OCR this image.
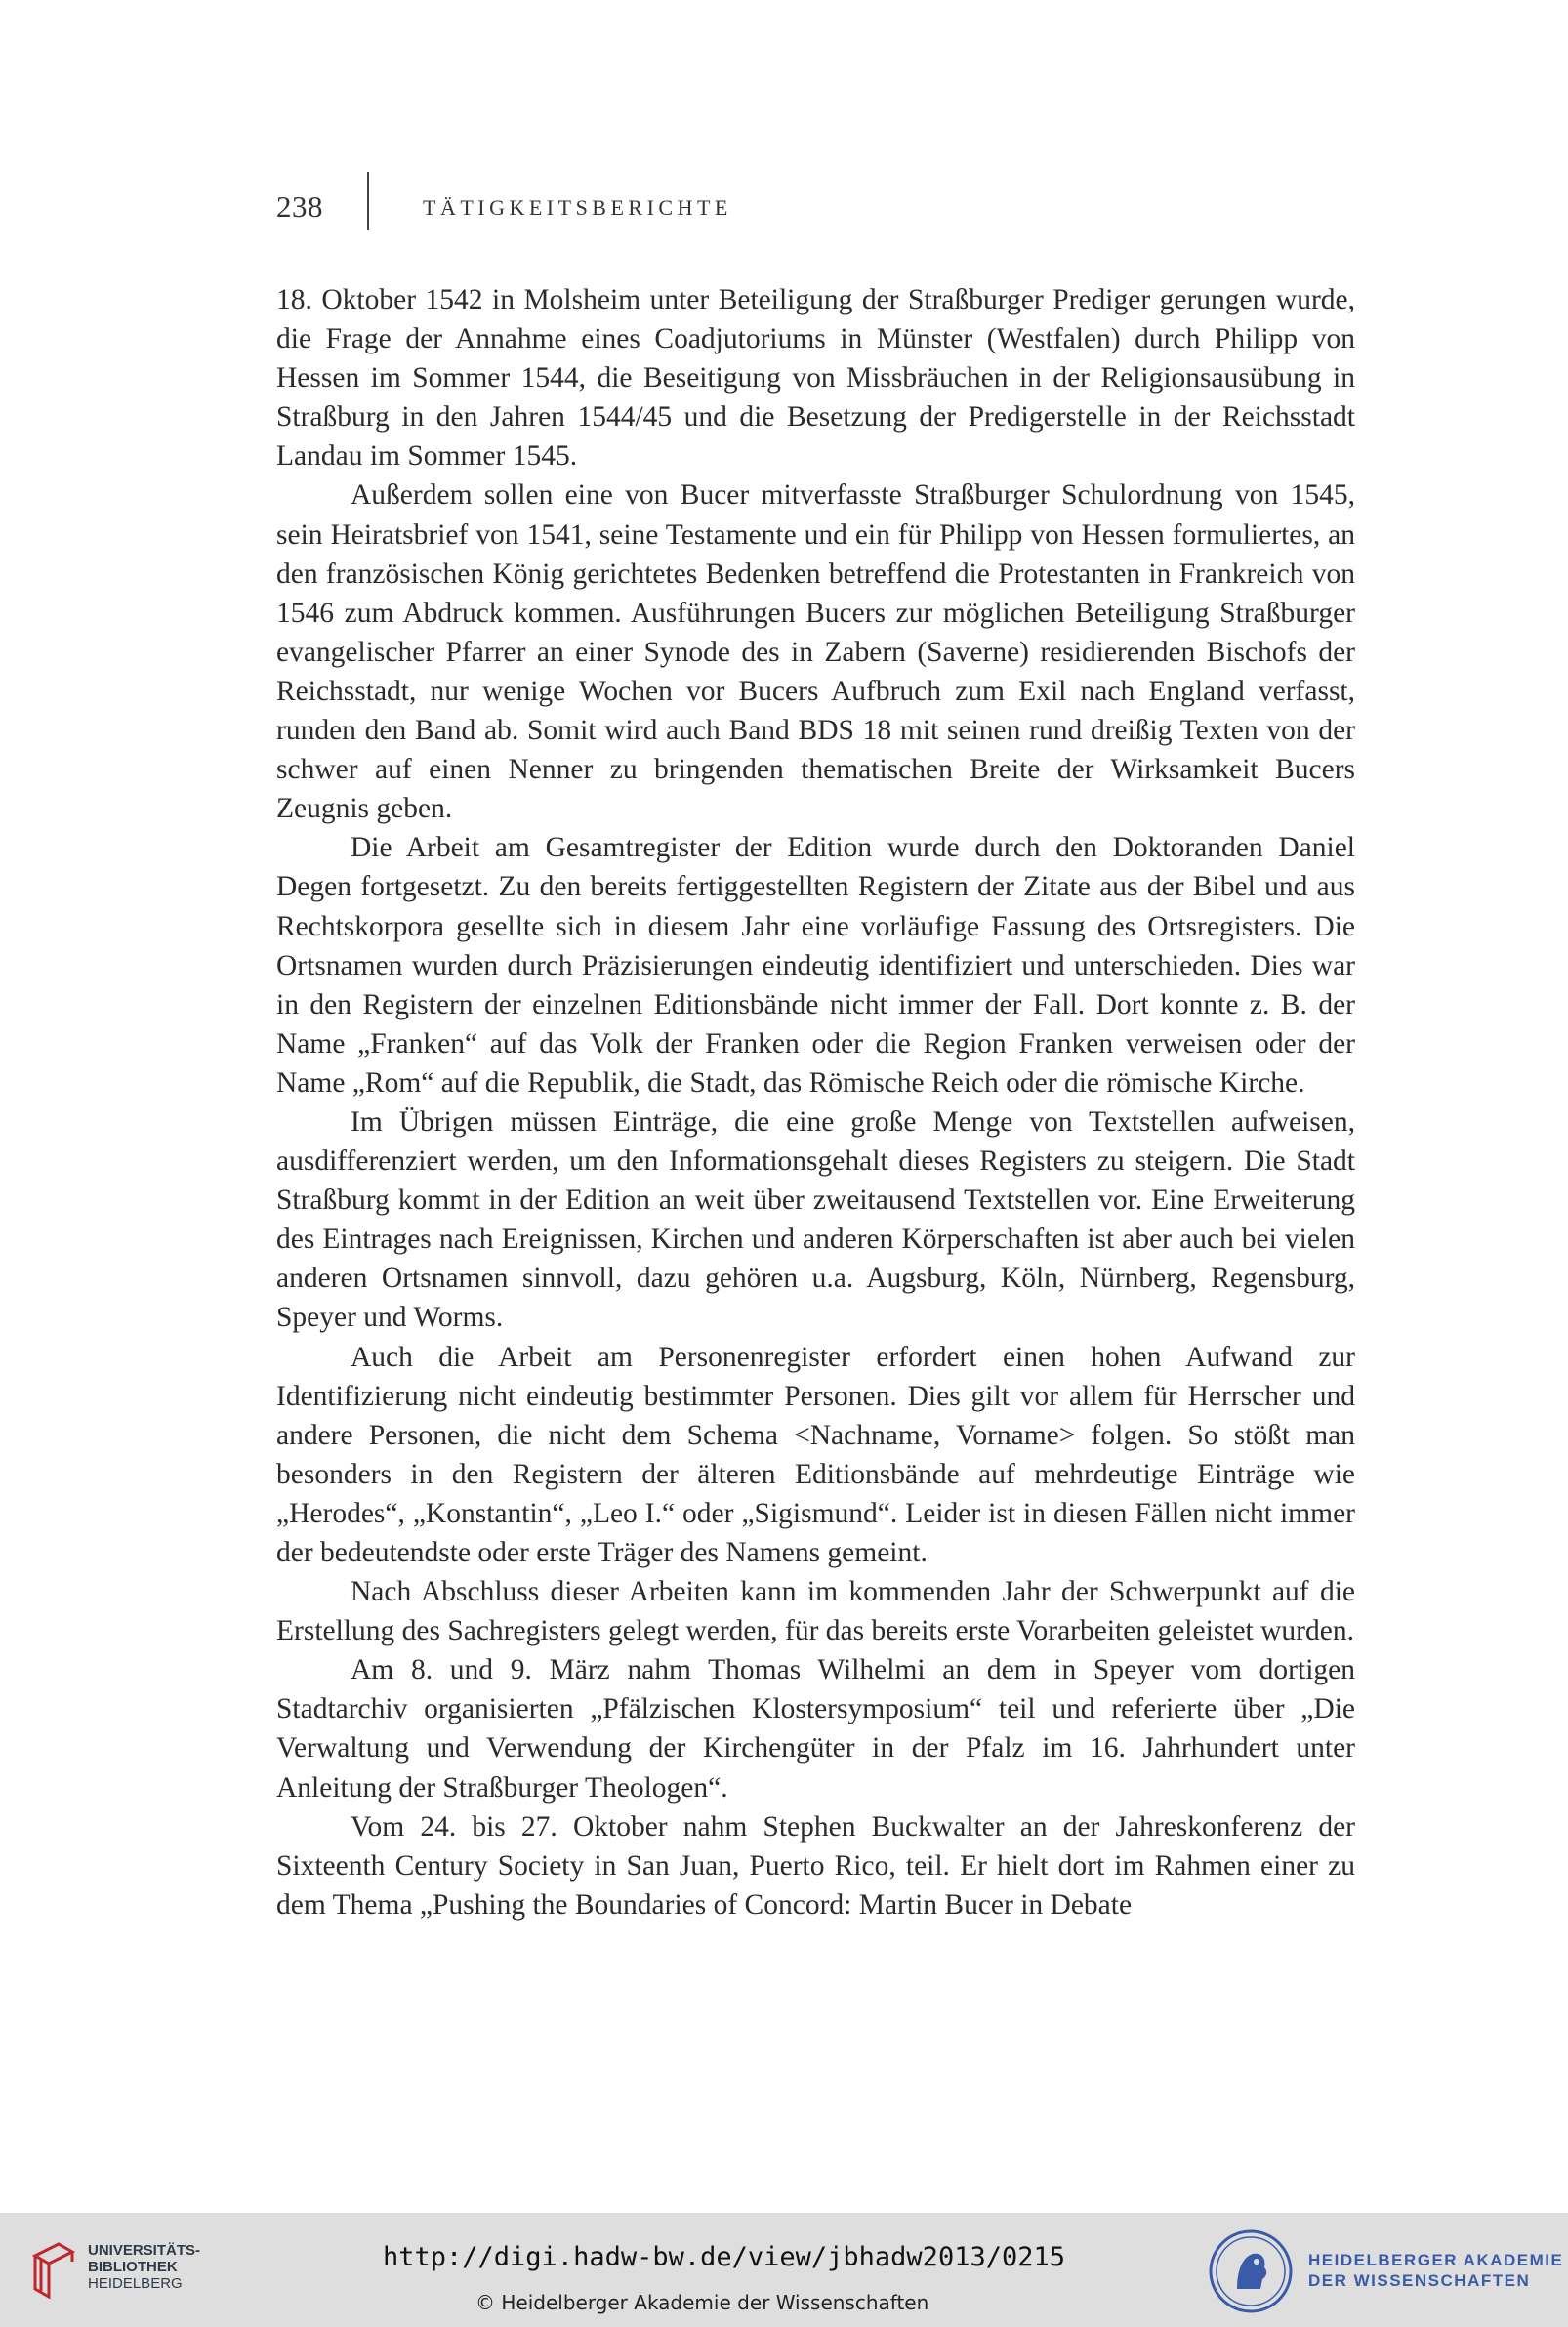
238	TÄTIGKEITSBERICHTE

18. Oktober 1542 in Molsheim unter Beteiligung der Straßburger Prediger gerungen wurde, die Frage der Annahme eines Coadjutoriums in Münster (Westfalen) durch Philipp von Hessen im Sommer 1544, die Beseitigung von Missbräuchen in der Religionsausübung in Straßburg in den Jahren 1544/45 und die Besetzung der Predigerstelle in der Reichsstadt Landau im Sommer 1545.

Außerdem sollen eine von Bucer mitverfasste Straßburger Schulordnung von 1545, sein Heiratsbrief von 1541, seine Testamente und ein für Philipp von Hessen formuliertes, an den französischen König gerichtetes Bedenken betreffend die Protestanten in Frankreich von 1546 zum Abdruck kommen. Ausführungen Bucers zur möglichen Beteiligung Straßburger evangelischer Pfarrer an einer Synode des in Zabern (Saverne) residierenden Bischofs der Reichsstadt, nur wenige Wochen vor Bucers Aufbruch zum Exil nach England verfasst, runden den Band ab. Somit wird auch Band BDS 18 mit seinen rund dreißig Texten von der schwer auf einen Nenner zu bringenden thematischen Breite der Wirksamkeit Bucers Zeugnis geben.

Die Arbeit am Gesamtregister der Edition wurde durch den Doktoranden Daniel Degen fortgesetzt. Zu den bereits fertiggestellten Registern der Zitate aus der Bibel und aus Rechtskorpora gesellte sich in diesem Jahr eine vorläufige Fassung des Ortsregisters. Die Ortsnamen wurden durch Präzisierungen eindeutig identifiziert und unterschieden. Dies war in den Registern der einzelnen Editionsbände nicht immer der Fall. Dort konnte z. B. der Name „Franken“ auf das Volk der Franken oder die Region Franken verweisen oder der Name „Rom“ auf die Republik, die Stadt, das Römische Reich oder die römische Kirche.

Im Übrigen müssen Einträge, die eine große Menge von Textstellen aufweisen, ausdifferenziert werden, um den Informationsgehalt dieses Registers zu steigern. Die Stadt Straßburg kommt in der Edition an weit über zweitausend Textstellen vor. Eine Erweiterung des Eintrages nach Ereignissen, Kirchen und anderen Körperschaften ist aber auch bei vielen anderen Ortsnamen sinnvoll, dazu gehören u.a. Augsburg, Köln, Nürnberg, Regensburg, Speyer und Worms.

Auch die Arbeit am Personenregister erfordert einen hohen Aufwand zur Identifizierung nicht eindeutig bestimmter Personen. Dies gilt vor allem für Herrscher und andere Personen, die nicht dem Schema <Nachname, Vorname> folgen. So stößt man besonders in den Registern der älteren Editionsbände auf mehrdeutige Einträge wie „Herodes“, „Konstantin“, „Leo I.“ oder „Sigismund“. Leider ist in diesen Fällen nicht immer der bedeutendste oder erste Träger des Namens gemeint.

Nach Abschluss dieser Arbeiten kann im kommenden Jahr der Schwerpunkt auf die Erstellung des Sachregisters gelegt werden, für das bereits erste Vorarbeiten geleistet wurden.

Am 8. und 9. März nahm Thomas Wilhelmi an dem in Speyer vom dortigen Stadtarchiv organisierten „Pfälzischen Klostersymposium“ teil und referierte über „Die Verwaltung und Verwendung der Kirchengüter in der Pfalz im 16. Jahrhundert unter Anleitung der Straßburger Theologen“.

Vom 24. bis 27. Oktober nahm Stephen Buckwalter an der Jahreskonferenz der Sixteenth Century Society in San Juan, Puerto Rico, teil. Er hielt dort im Rahmen einer zu dem Thema „Pushing the Boundaries of Concord: Martin Bucer in Debate

UNIVERSITÄTS-
BIBLIOTHEK
HEIDELBERG
http://digi.hadw-bw.de/view/jbhadw2013/0215
© Heidelberger Akademie der Wissenschaften
HEIDELBERGER AKADEMIE
DER WISSENSCHAFTEN
